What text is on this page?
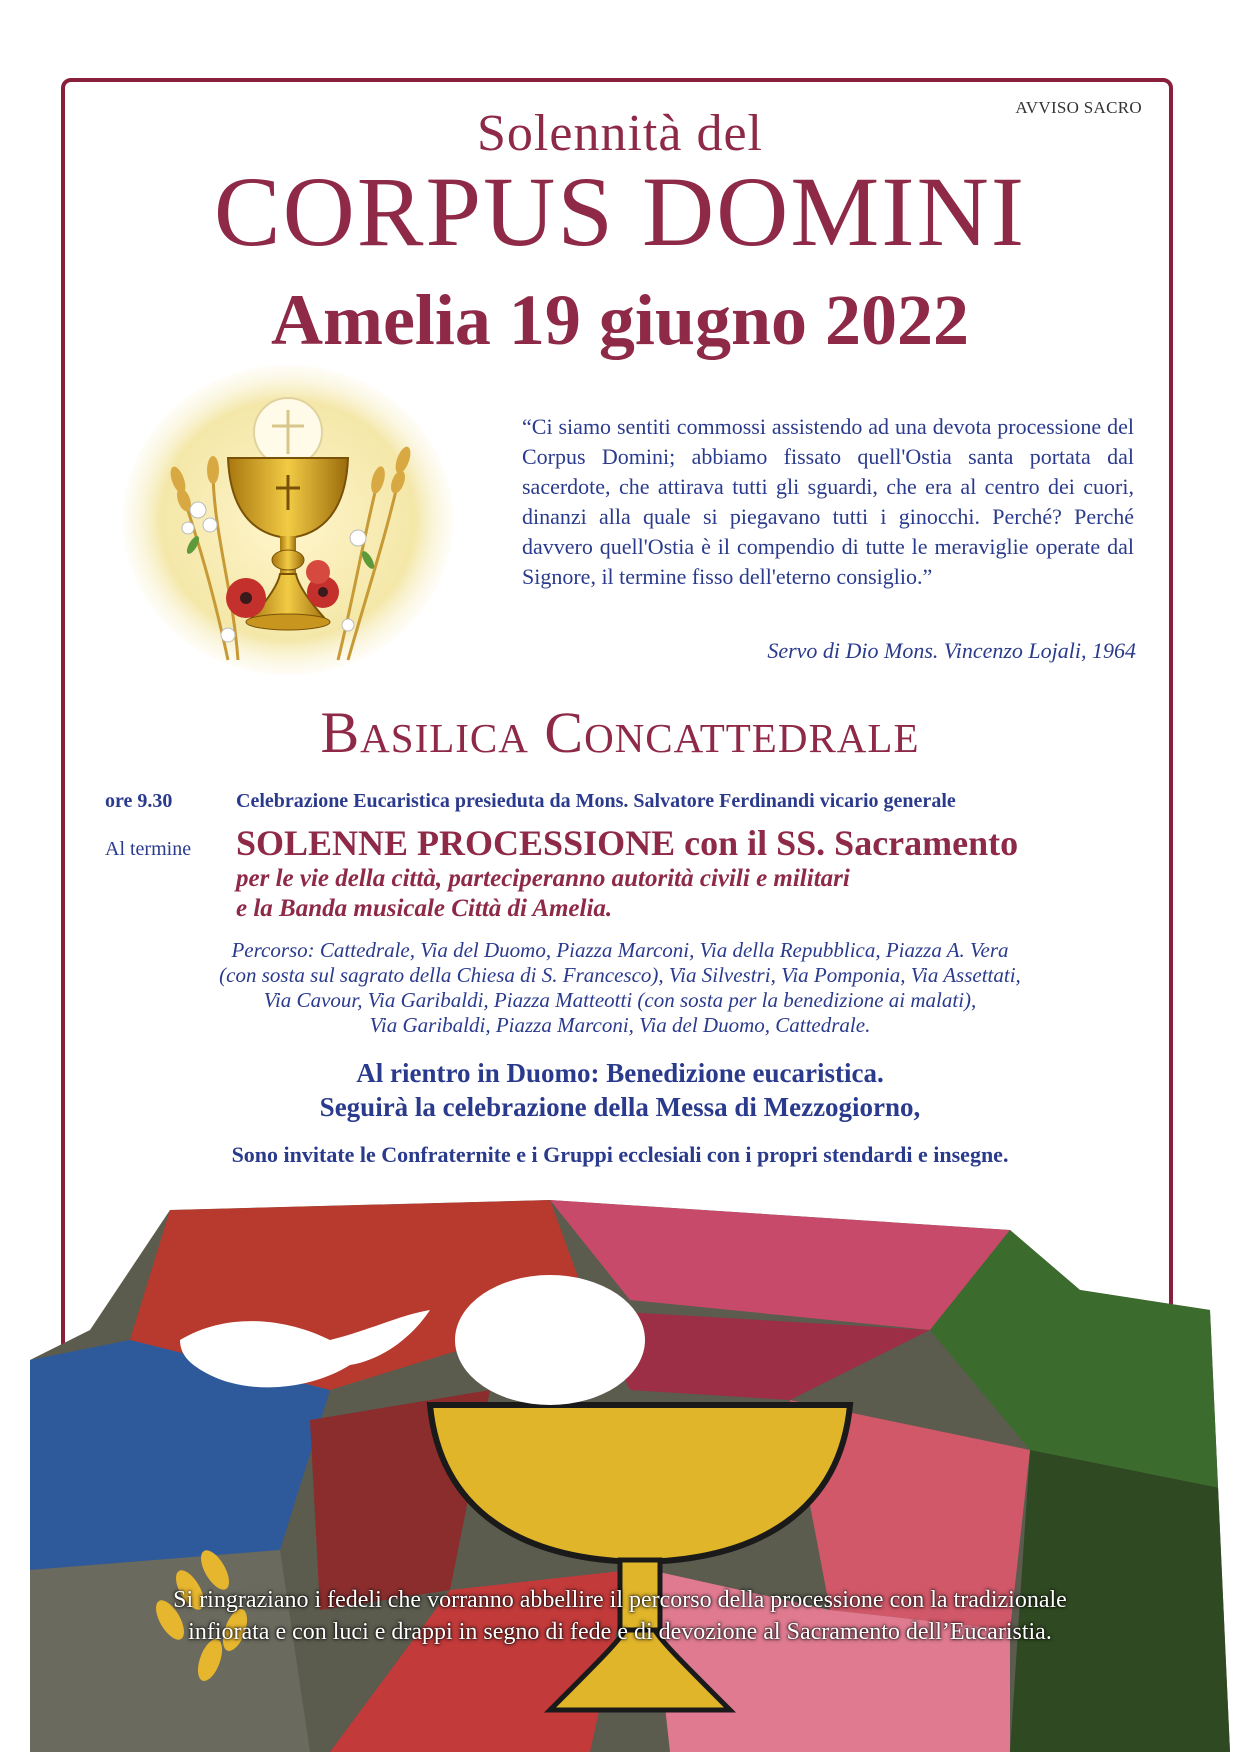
AVVISO SACRO
Solennità del
CORPUS DOMINI
Amelia 19 giugno 2022
“Ci siamo sentiti commossi assistendo ad una devota processione del Corpus Domini; abbiamo fissato quell'Ostia santa portata dal sacerdote, che attirava tutti gli sguardi, che era al centro dei cuori, dinanzi alla quale si piegavano tutti i ginocchi. Perché? Perché davvero quell'Ostia è il compendio di tutte le meraviglie operate dal Signore, il termine fisso dell'eterno consiglio.”
Servo di Dio Mons. Vincenzo Lojali, 1964
Basilica Concattedrale
ore 9.30	Celebrazione Eucaristica presieduta da Mons. Salvatore Ferdinandi vicario generale
Al termine SOLENNE PROCESSIONE con il SS. Sacramento
per le vie della città, parteciperanno autorità civili e militari
e la Banda musicale Città di Amelia.
Percorso: Cattedrale, Via del Duomo, Piazza Marconi, Via della Repubblica, Piazza A. Vera
(con sosta sul sagrato della Chiesa di S. Francesco), Via Silvestri, Via Pomponia, Via Assettati,
Via Cavour, Via Garibaldi, Piazza Matteotti (con sosta per la benedizione ai malati),
Via Garibaldi, Piazza Marconi, Via del Duomo, Cattedrale.
Al rientro in Duomo: Benedizione eucaristica.
Seguirà la celebrazione della Messa di Mezzogiorno,
Sono invitate le Confraternite e i Gruppi ecclesiali con i propri stendardi e insegne.
Si ringraziano i fedeli che vorranno abbellire il percorso della processione con la tradizionale
infiorata e con luci e drappi in segno di fede e di devozione al Sacramento dell’Eucaristia.
